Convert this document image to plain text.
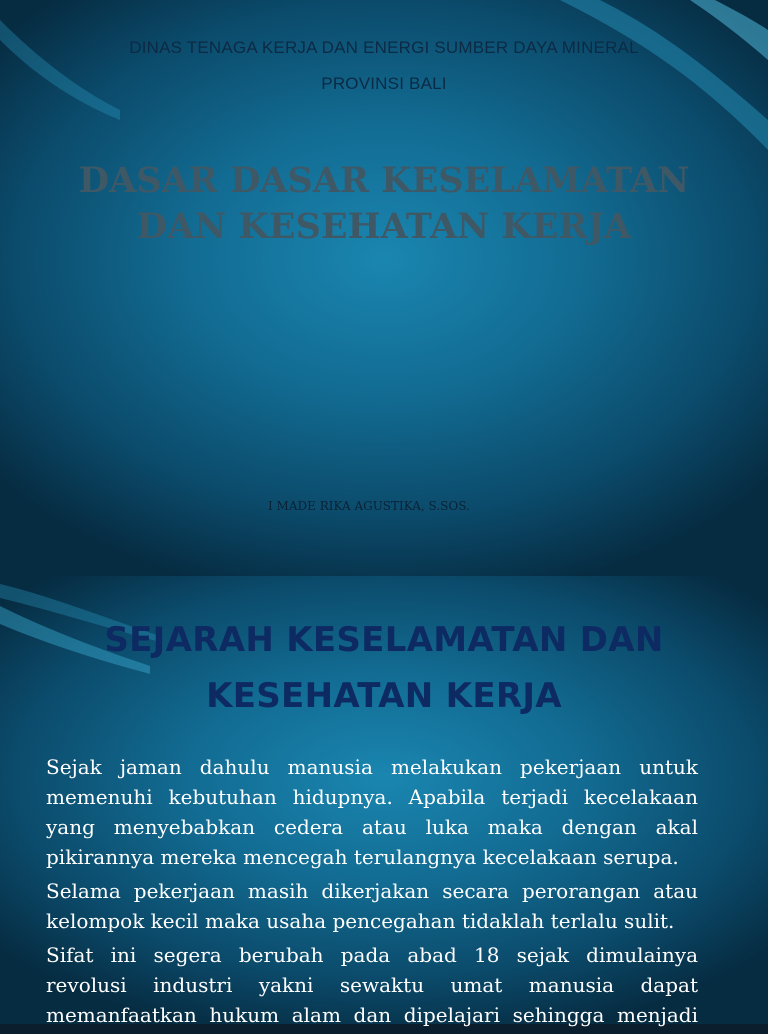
DINAS TENAGA KERJA DAN ENERGI SUMBER DAYA MINERAL
PROVINSI BALI
DASAR DASAR KESELAMATAN
DAN KESEHATAN KERJA
I MADE RIKA AGUSTIKA, S.SOS.
SEJARAH KESELAMATAN DAN
KESEHATAN KERJA

Sejak jaman dahulu manusia melakukan pekerjaan untuk memenuhi kebutuhan hidupnya. Apabila terjadi kecelakaan yang menyebabkan cedera atau luka maka dengan akal pikirannya mereka mencegah terulangnya kecelakaan serupa.

Selama pekerjaan masih dikerjakan secara perorangan atau kelompok kecil maka usaha pencegahan tidaklah terlalu sulit.

Sifat ini segera berubah pada abad 18 sejak dimulainya revolusi industri yakni sewaktu umat manusia dapat memanfaatkan hukum alam dan dipelajari sehingga menjadi
